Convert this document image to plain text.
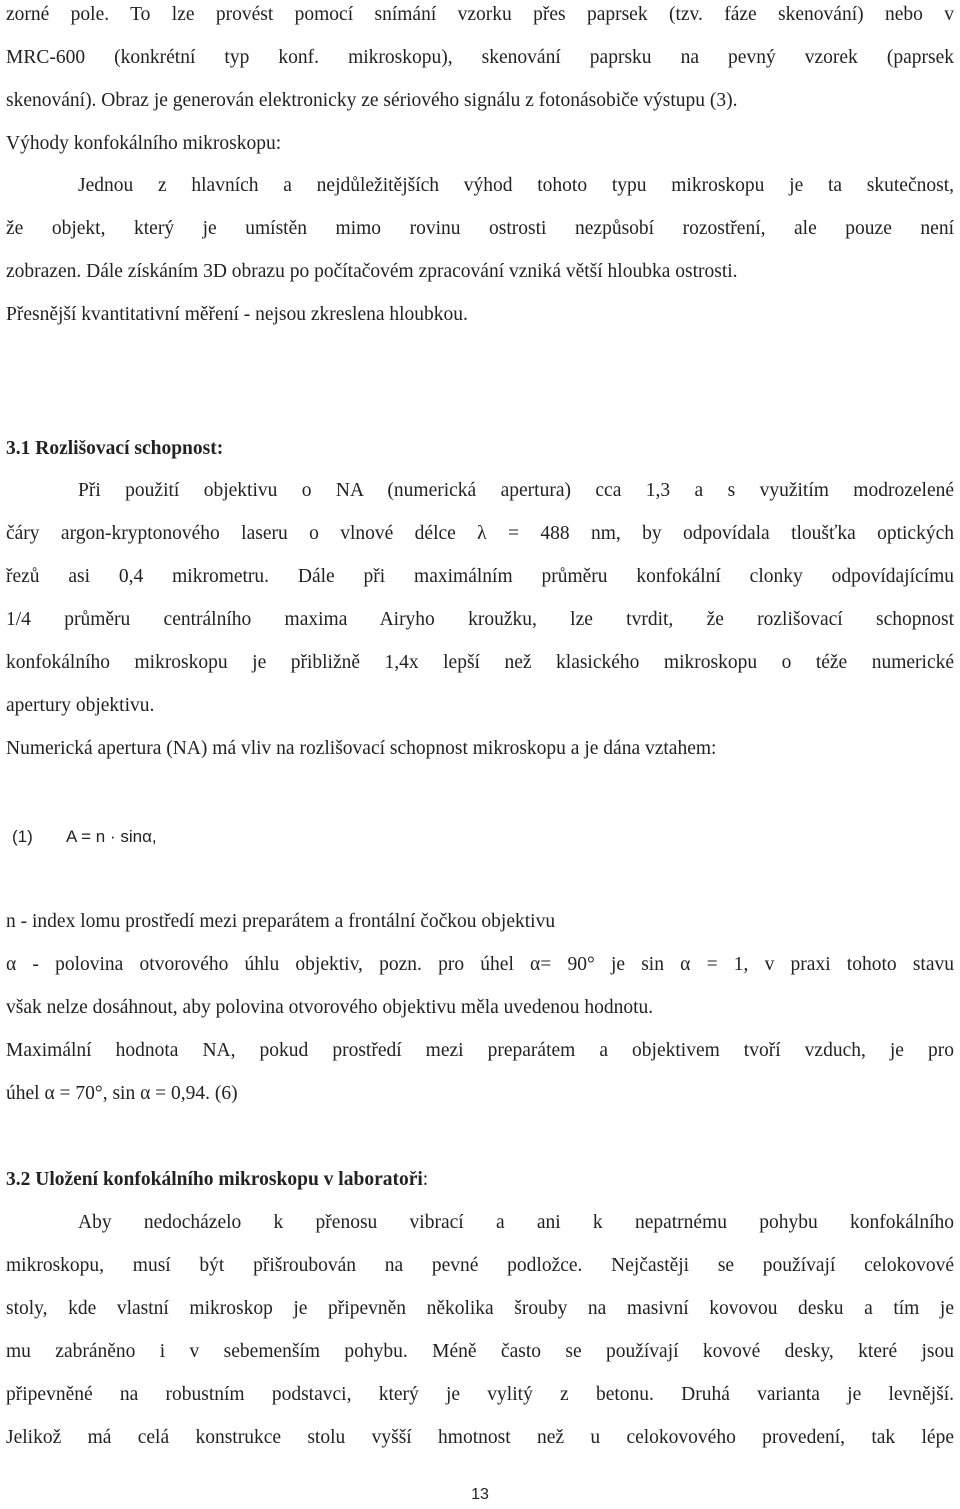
zorné pole. To lze provést pomocí snímání vzorku přes paprsek (tzv. fáze skenování) nebo v
MRC-600 (konkrétní typ konf. mikroskopu), skenování paprsku na pevný vzorek (paprsek
skenování). Obraz je generován elektronicky ze sériového signálu z fotonásobiče výstupu (3).
Výhody konfokálního mikroskopu:
Jednou z hlavních a nejdůležitějších výhod tohoto typu mikroskopu je ta skutečnost,
že objekt, který je umístěn mimo rovinu ostrosti nezpůsobí rozostření, ale pouze není
zobrazen. Dále získáním 3D obrazu po počítačovém zpracování vzniká větší hloubka ostrosti.
Přesnější kvantitativní měření - nejsou zkreslena hloubkou.
3.1 Rozlišovací schopnost:
Při použití objektivu o NA (numerická apertura) cca 1,3 a s využitím modrozelené
čáry argon-kryptonového laseru o vlnové délce λ = 488 nm, by odpovídala tloušťka optických
řezů asi 0,4 mikrometru. Dále při maximálním průměru konfokální clonky odpovídajícímu
1/4 průměru centrálního maxima Airyho kroužku, lze tvrdit, že rozlišovací schopnost
konfokálního mikroskopu je přibližně 1,4x lepší než klasického mikroskopu o téže numerické
apertury objektivu.
Numerická apertura (NA) má vliv na rozlišovací schopnost mikroskopu a je dána vztahem:
(1) A = n · sinα,
n - index lomu prostředí mezi preparátem a frontální čočkou objektivu
α - polovina otvorového úhlu objektiv, pozn. pro úhel α= 90° je sin α = 1, v praxi tohoto stavu
však nelze dosáhnout, aby polovina otvorového objektivu měla uvedenou hodnotu.
Maximální hodnota NA, pokud prostředí mezi preparátem a objektivem tvoří vzduch, je pro
úhel α = 70°, sin α = 0,94. (6)
3.2 Uložení konfokálního mikroskopu v laboratoři:
Aby nedocházelo k přenosu vibrací a ani k nepatrnému pohybu konfokálního
mikroskopu, musí být přišroubován na pevné podložce. Nejčastěji se používají celokovové
stoly, kde vlastní mikroskop je připevněn několika šrouby na masivní kovovou desku a tím je
mu zabráněno i v sebemenším pohybu. Méně často se používají kovové desky, které jsou
připevněné na robustním podstavci, který je vylitý z betonu. Druhá varianta je levnější.
Jelikož má celá konstrukce stolu vyšší hmotnost než u celokovového provedení, tak lépe
13
